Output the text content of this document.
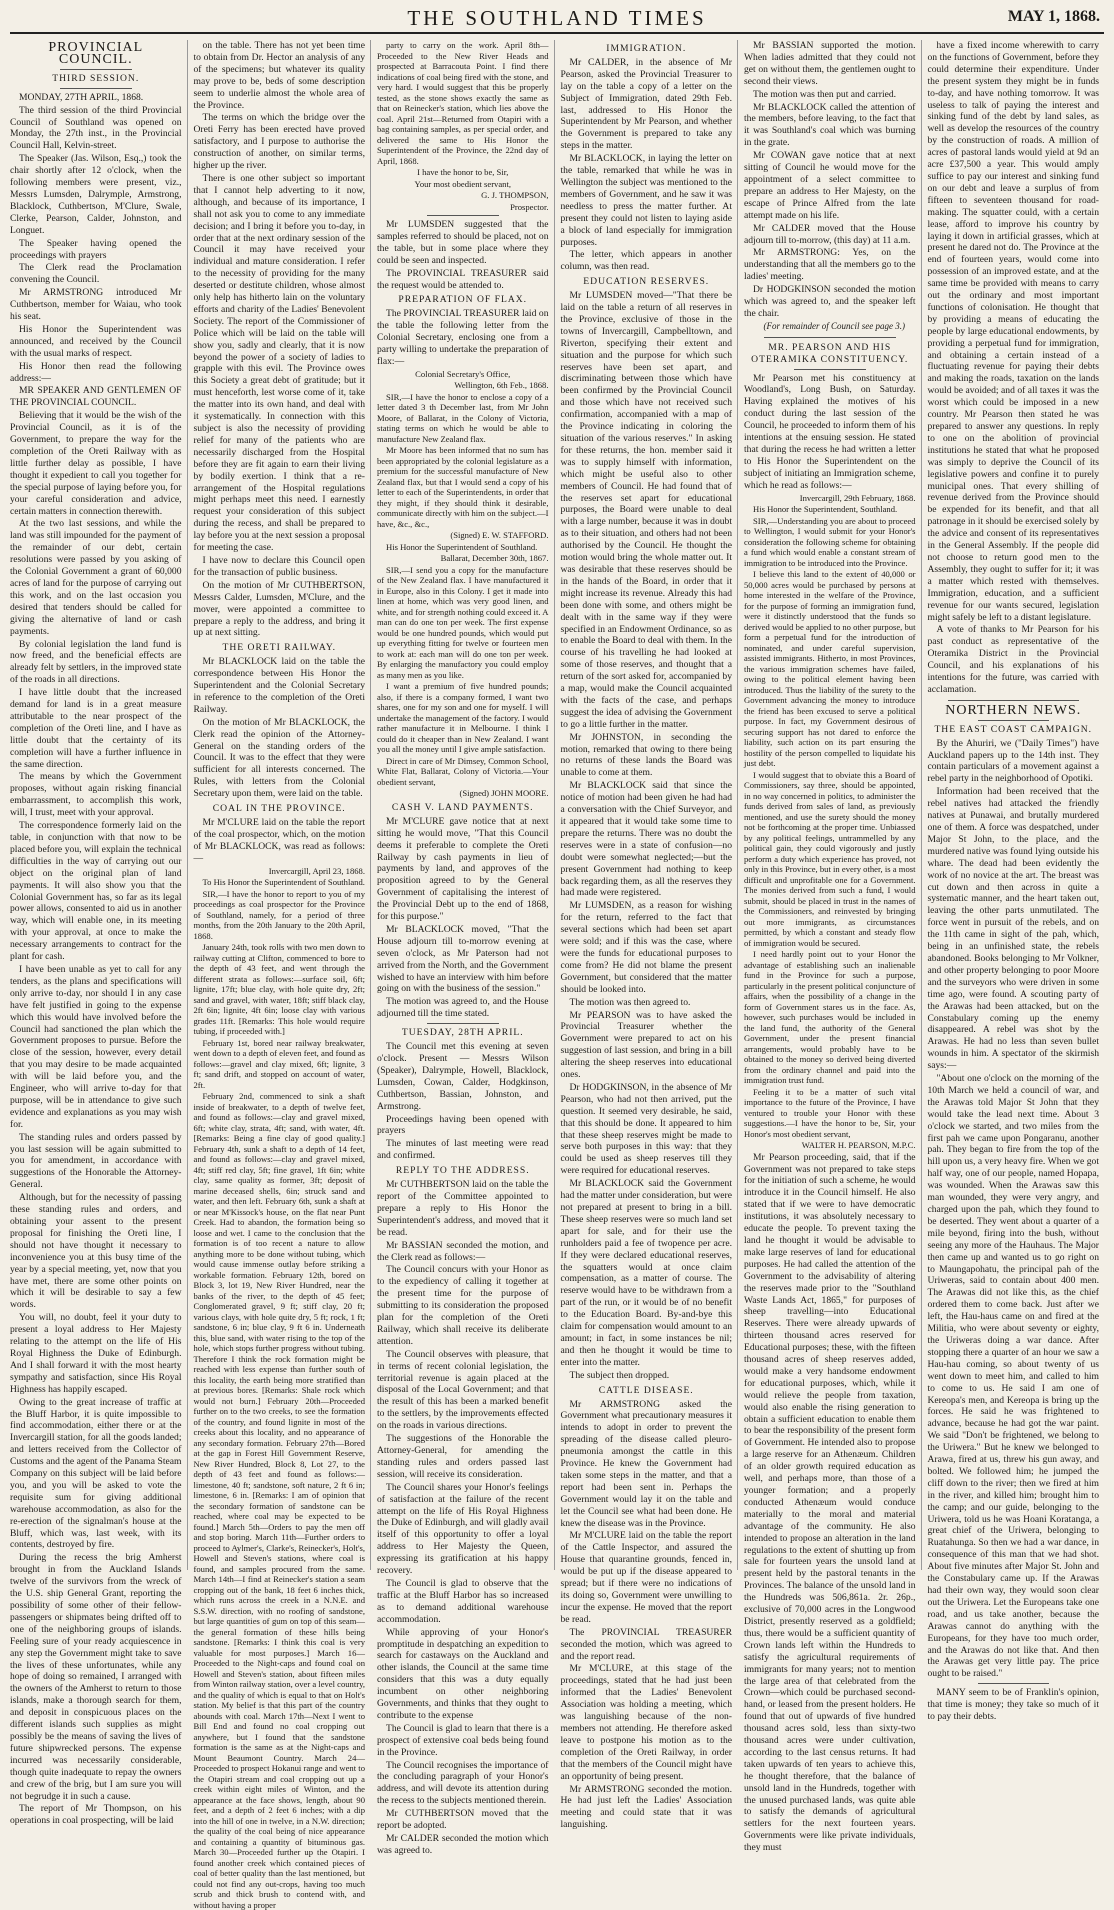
THE SOUTHLAND TIMES	MAY 1, 1868.
PROVINCIAL COUNCIL.
THIRD SESSION.

MONDAY, 27TH APRIL, 1868.

The third session of the third Provincial Council of Southland was opened on Monday, the 27th inst., in the Provincial Council Hall, Kelvin-street.

The Speaker (Jas. Wilson, Esq.,) took the chair shortly after 12 o'clock, when the following members were present, viz., Messrs Lumsden, Dalrymple, Armstrong, Blacklock, Cuthbertson, M'Clure, Swale, Clerke, Pearson, Calder, Johnston, and Longuet.

The Speaker having opened the proceedings with prayers

The Clerk read the Proclamation convening the Council.

Mr ARMSTRONG introduced Mr Cuthbertson, member for Waiau, who took his seat.

His Honor the Superintendent was announced, and received by the Council with the usual marks of respect.

His Honor then read the following address:—

MR SPEAKER AND GENTLEMEN OF THE PROVINCIAL COUNCIL.

Believing that it would be the wish of the Provincial Council, as it is of the Government, to prepare the way for the completion of the Oreti Railway with as little further delay as possible, I have thought it expedient to call you together for the special purpose of laying before you, for your careful consideration and advice, certain matters in connection therewith.

At the two last sessions, and while the land was still impounded for the payment of the remainder of our debt, certain resolutions were passed by you asking of the Colonial Government a grant of 60,000 acres of land for the purpose of carrying out this work, and on the last occasion you desired that tenders should be called for giving the alternative of land or cash payments.

By colonial legislation the land fund is now freed, and the beneficial effects are already felt by settlers, in the improved state of the roads in all directions.

I have little doubt that the increased demand for land is in a great measure attributable to the near prospect of the completion of the Oreti line, and I have as little doubt that the certainty of its completion will have a further influence in the same direction.

The means by which the Government proposes, without again risking financial embarrassment, to accomplish this work, will, I trust, meet with your approval.

The correspondence formerly laid on the table, in conjunction with that now to be placed before you, will explain the technical difficulties in the way of carrying out our object on the original plan of land payments. It will also show you that the Colonial Government has, so far as its legal power allows, consented to aid us in another way, which will enable one, in its meeting with your approval, at once to make the necessary arrangements to contract for the plant for cash.

I have been unable as yet to call for any tenders, as the plans and specifications will only arrive to-day, nor should I in any case have felt justified in going to the expense which this would have involved before the Council had sanctioned the plan which the Government proposes to pursue. Before the close of the session, however, every detail that you may desire to be made acquainted with will be laid before you, and the Engineer, who will arrive to-day for that purpose, will be in attendance to give such evidence and explanations as you may wish for.

The standing rules and orders passed by you last session will be again submitted to you for amendment, in accordance with suggestions of the Honorable the Attorney-General.

Although, but for the necessity of passing these standing rules and orders, and obtaining your assent to the present proposal for finishing the Oreti line, I should not have thought it necessary to inconvenience you at this busy time of the year by a special meeting, yet, now that you have met, there are some other points on which it will be desirable to say a few words.

You will, no doubt, feel it your duty to present a loyal address to Her Majesty relating to the attempt on the life of His Royal Highness the Duke of Edinburgh. And I shall forward it with the most hearty sympathy and satisfaction, since His Royal Highness has happily escaped.

Owing to the great increase of traffic at the Bluff Harbor, it is quite impossible to find accommodation, either there or at the Invercargill station, for all the goods landed; and letters received from the Collector of Customs and the agent of the Panama Steam Company on this subject will be laid before you, and you will be asked to vote the requisite sum for giving additional warehouse accommodation, as also for the re-erection of the signalman's house at the Bluff, which was, last week, with its contents, destroyed by fire.

During the recess the brig Amherst brought in from the Auckland Islands twelve of the survivors from the wreck of the U.S. ship General Grant, reporting the possibility of some other of their fellow-passengers or shipmates being drifted off to one of the neighboring groups of islands. Feeling sure of your ready acquiescence in any step the Government might take to save the lives of these unfortunates, while any hope of doing so remained, I arranged with the owners of the Amherst to return to those islands, make a thorough search for them, and deposit in conspicuous places on the different islands such supplies as might possibly be the means of saving the lives of future shipwrecked persons. The expense incurred was necessarily considerable, though quite inadequate to repay the owners and crew of the brig, but I am sure you will not begrudge it in such a cause.

The report of Mr Thompson, on his operations in coal prospecting, will be laid

on the table. There has not yet been time to obtain from Dr. Hector an analysis of any of the specimens; but whatever its quality may prove to be, beds of some description seem to underlie almost the whole area of the Province.

The terms on which the bridge over the Oreti Ferry has been erected have proved satisfactory, and I purpose to authorise the construction of another, on similar terms, higher up the river.

There is one other subject so important that I cannot help adverting to it now, although, and because of its importance, I shall not ask you to come to any immediate decision; and I bring it before you to-day, in order that at the next ordinary session of the Council it may have received your individual and mature consideration. I refer to the necessity of providing for the many deserted or destitute children, whose almost only help has hitherto lain on the voluntary efforts and charity of the Ladies' Benevolent Society. The report of the Commissioner of Police which will be laid on the table will show you, sadly and clearly, that it is now beyond the power of a society of ladies to grapple with this evil. The Province owes this Society a great debt of gratitude; but it must henceforth, lest worse come of it, take the matter into its own hand, and deal with it systematically. In connection with this subject is also the necessity of providing relief for many of the patients who are necessarily discharged from the Hospital before they are fit again to earn their living by bodily exertion. I think that a re-arrangement of the Hospital regulations might perhaps meet this need. I earnestly request your consideration of this subject during the recess, and shall be prepared to lay before you at the next session a proposal for meeting the case.

I have now to declare this Council open for the transaction of public business.

On the motion of Mr CUTHBERTSON, Messrs Calder, Lumsden, M'Clure, and the mover, were appointed a committee to prepare a reply to the address, and bring it up at next sitting.

THE ORETI RAILWAY.

Mr BLACKLOCK laid on the table the correspondence between His Honor the Superintendent and the Colonial Secretary in reference to the completion of the Oreti Railway.

On the motion of Mr BLACKLOCK, the Clerk read the opinion of the Attorney-General on the standing orders of the Council. It was to the effect that they were sufficient for all interests concerned. The Rules, with letters from the Colonial Secretary upon them, were laid on the table.

COAL IN THE PROVINCE.

Mr M'CLURE laid on the table the report of the coal prospector, which, on the motion of Mr BLACKLOCK, was read as follows:—

Invercargill, April 23, 1868.

To His Honor the Superintendent of Southland.

SIR,—I have the honor to report to you of my proceedings as coal prospector for the Province of Southland, namely, for a period of three months, from the 20th January to the 20th April, 1868.

January 24th, took rolls with two men down to railway cutting at Clifton, commenced to bore to the depth of 43 feet, and went through the different strata as follows:—surface soil, 6ft; lignite, 17ft; blue clay, with hole quite dry, 2ft; sand and gravel, with water, 18ft; stiff black clay, 2ft 6in; lignite, 4ft 6in; loose clay with various grades 11ft. [Remarks: This hole would require tubing, if proceeded with.]

February 1st, bored near railway breakwater, went down to a depth of eleven feet, and found as follows:—gravel and clay mixed, 6ft; lignite, 3 ft; sand drift, and stopped on account of water, 2ft.

February 2nd, commenced to sink a shaft inside of breakwater, to a depth of twelve feet, and found as follows:—clay and gravel mixed, 6ft; white clay, strata, 4ft; sand, with water, 4ft. [Remarks: Being a fine clay of good quality.] February 4th, sunk a shaft to a depth of 14 feet, and found as follows:—clay and gravel mixed, 4ft; stiff red clay, 5ft; fine gravel, 1ft 6in; white clay, same quality as former, 3ft; deposit of marine deceased shells, 6in; struck sand and water, and then left. February 6th, sunk a shaft at or near M'Kissock's house, on the flat near Punt Creek. Had to abandon, the formation being so loose and wet. I came to the conclusion that the formation is of too recent a nature to allow anything more to be done without tubing, which would cause immense outlay before striking a workable formation. February 12th, bored on Block 3, lot 19, New River Hundred, near the banks of the river, to the depth of 45 feet; Conglomerated gravel, 9 ft; stiff clay, 20 ft; various clays, with hole quite dry, 5 ft; rock, 1 ft; sandstone, 6 in; blue clay, 9 ft 6 in. Underneath this, blue sand, with water rising to the top of the hole, which stops further progress without tubing. Therefore I think the rock formation might be reached with less expense than further south of this locality, the earth being more stratified than at previous bores. [Remarks: Shale rock which would not burn.] February 20th—Proceeded further on to the two creeks, to see the formation of the country, and found lignite in most of the creeks about this locality, and no appearance of any secondary formation. February 27th—Bored at the gap in Forest Hill Government Reserve, New River Hundred, Block 8, Lot 27, to the depth of 43 feet and found as follows:—limestone, 40 ft; sandstone, soft nature, 2 ft 6 in; limestone, 6 in. [Remarks: I am of opinion that the secondary formation of sandstone can be reached, where coal may be expected to be found.] March 5th—Orders to pay the men off and stop boring. March 11th—Further orders to proceed to Aylmer's, Clarke's, Reinecker's, Holt's, Howell and Steven's stations, where coal is found, and samples procured from the same. March 14th—I find at Reinecker's station a seam cropping out of the bank, 18 feet 6 inches thick, which runs across the creek in a N.N.E. and S.S.W. direction, with no roofing of sandstone, but large quantities of gum on top of this seam—the general formation of these hills being sandstone. [Remarks: I think this coal is very valuable for most purposes.] March 16—Proceeded to the Night-caps and found coal on Howell and Steven's station, about fifteen miles from Winton railway station, over a level country, and the quality of which is equal to that on Holt's station. My belief is that this part of the country abounds with coal. March 17th—Next I went to Bill End and found no coal cropping out anywhere, but I found that the sandstone formation is the same as at the Night-caps and Mount Beaumont Country. March 24—Proceeded to prospect Hokanui range and went to the Otapiri stream and coal cropping out up a creek within eight miles of Winton, and the appearance at the face shows, length, about 90 feet, and a depth of 2 feet 6 inches; with a dip into the hill of one in twelve, in a N.W. direction; the quality of the coal being of nice appearance and containing a quantity of bituminous gas. March 30—Proceeded further up the Otapiri. I found another creek which contained pieces of coal of better quality than the last mentioned, but could not find any out-crops, having too much scrub and thick brush to contend with, and without having a proper

party to carry on the work. April 8th—Proceeded to the New River Heads and prospected at Barracouta Point. I find there indications of coal being fired with the stone, and very hard. I would suggest that this be properly tested, as the stone shows exactly the same as that on Reinecker's station, which lies above the coal. April 21st—Returned from Otapiri with a bag containing samples, as per special order, and delivered the same to His Honor the Superintendent of the Province, the 22nd day of April, 1868.

I have the honor to be, Sir,

Your most obedient servant,

G. J. THOMPSON,

Prospector.

Mr LUMSDEN suggested that the samples referred to should be placed, not on the table, but in some place where they could be seen and inspected.

The PROVINCIAL TREASURER said the request would be attended to.

PREPARATION OF FLAX.

The PROVINCIAL TREASURER laid on the table the following letter from the Colonial Secretary, enclosing one from a party willing to undertake the preparation of flax:—

Colonial Secretary's Office,

Wellington, 6th Feb., 1868.

SIR,—I have the honor to enclose a copy of a letter dated 3 th December last, from Mr John Moore, of Ballarat, in the Colony of Victoria, stating terms on which he would be able to manufacture New Zealand flax.

Mr Moore has been informed that no sum has been appropriated by the colonial legislature as a premium for the successful manufacture of New Zealand flax, but that I would send a copy of his letter to each of the Superintendents, in order that they might, if they should think it desirable, communicate directly with him on the subject.—I have, &c., &c.,

(Signed) E. W. STAFFORD.

His Honor the Superintendent of Southland.

Ballarat, December 30th, 1867.

SIR,—I send you a copy for the manufacture of the New Zealand flax. I have manufactured it in Europe, also in this Colony. I get it made into linen at home, which was very good linen, and white, and for strength nothing could exceed it. A man can do one ton per week. The first expense would be one hundred pounds, which would put up everything fitting for twelve or fourteen men to work at: each man will do one ton per week. By enlarging the manufactory you could employ as many men as you like.

I want a premium of five hundred pounds; also, if there is a company formed, I want two shares, one for my son and one for myself. I will undertake the management of the factory. I would rather manufacture it in Melbourne. I think I could do it cheaper than in New Zealand. I want you all the money until I give ample satisfaction.

Direct in care of Mr Dimsey, Common School, White Flat, Ballarat, Colony of Victoria.—Your obedient servant,

(Signed) JOHN MOORE.

CASH V. LAND PAYMENTS.

Mr M'CLURE gave notice that at next sitting he would move, "That this Council deems it preferable to complete the Oreti Railway by cash payments in lieu of payments by land, and approves of the proposition agreed to by the General Government of capitalising the interest of the Provincial Debt up to the end of 1868, for this purpose."

Mr BLACKLOCK moved, "That the House adjourn till to-morrow evening at seven o'clock, as Mr Paterson had not arrived from the North, and the Government wished to have an interview with him before going on with the business of the session."

The motion was agreed to, and the House adjourned till the time stated.

TUESDAY, 28TH APRIL.

The Council met this evening at seven o'clock. Present — Messrs Wilson (Speaker), Dalrymple, Howell, Blacklock, Lumsden, Cowan, Calder, Hodgkinson, Cuthbertson, Bassian, Johnston, and Armstrong.

Proceedings having been opened with prayers

The minutes of last meeting were read and confirmed.

REPLY TO THE ADDRESS.

Mr CUTHBERTSON laid on the table the report of the Committee appointed to prepare a reply to His Honor the Superintendent's address, and moved that it be read.

Mr BASSIAN seconded the motion, and the Clerk read as follows:—

The Council concurs with your Honor as to the expediency of calling it together at the present time for the purpose of submitting to its consideration the proposed plan for the completion of the Oreti Railway, which shall receive its deliberate attention.

The Council observes with pleasure, that in terms of recent colonial legislation, the territorial revenue is again placed at the disposal of the Local Government; and that the result of this has been a marked benefit to the settlers, by the improvements effected on the roads in various directions.

The suggestions of the Honorable the Attorney-General, for amending the standing rules and orders passed last session, will receive its consideration.

The Council shares your Honor's feelings of satisfaction at the failure of the recent attempt on the life of His Royal Highness the Duke of Edinburgh, and will gladly avail itself of this opportunity to offer a loyal address to Her Majesty the Queen, expressing its gratification at his happy recovery.

The Council is glad to observe that the traffic at the Bluff Harbor has so increased as to demand additional warehouse accommodation.

While approving of your Honor's promptitude in despatching an expedition to search for castaways on the Auckland and other islands, the Council at the same time considers that this was a duty equally incumbent on other neighboring Governments, and thinks that they ought to contribute to the expense

The Council is glad to learn that there is a prospect of extensive coal beds being found in the Province.

The Council recognises the importance of the concluding paragraph of your Honor's address, and will devote its attention during the recess to the subjects mentioned therein.

Mr CUTHBERTSON moved that the report be adopted.

Mr CALDER seconded the motion which was agreed to.

IMMIGRATION.

Mr CALDER, in the absence of Mr Pearson, asked the Provincial Treasurer to lay on the table a copy of a letter on the Subject of Immigration, dated 29th Feb. last, addressed to His Honor the Superintendent by Mr Pearson, and whether the Government is prepared to take any steps in the matter.

Mr BLACKLOCK, in laying the letter on the table, remarked that while he was in Wellington the subject was mentioned to the members of Government, and he saw it was needless to press the matter further. At present they could not listen to laying aside a block of land especially for immigration purposes.

The letter, which appears in another column, was then read.

EDUCATION RESERVES.

Mr LUMSDEN moved—"That there be laid on the table a return of all reserves in the Province, exclusive of those in the towns of Invercargill, Campbelltown, and Riverton, specifying their extent and situation and the purpose for which such reserves have been set apart, and discriminating between those which have been confirmed by the Provincial Council and those which have not received such confirmation, accompanied with a map of the Province indicating in coloring the situation of the various reserves." In asking for these returns, the hon. member said it was to supply himself with information, which might be useful also to other members of Council. He had found that of the reserves set apart for educational purposes, the Board were unable to deal with a large number, because it was in doubt as to their situation, and others had not been authorised by the Council. He thought the motion would bring the whole matter out. It was desirable that these reserves should be in the hands of the Board, in order that it might increase its revenue. Already this had been done with some, and others might be dealt with in the same way if they were specified in an Endowment Ordinance, so as to enable the Board to deal with them. In the course of his travelling he had looked at some of those reserves, and thought that a return of the sort asked for, accompanied by a map, would make the Council acquainted with the facts of the case, and perhaps suggest the idea of advising the Government to go a little further in the matter.

Mr JOHNSTON, in seconding the motion, remarked that owing to there being no returns of these lands the Board was unable to come at them.

Mr BLACKLOCK said that since the notice of motion had been given he had had a conversation with the Chief Surveyor, and it appeared that it would take some time to prepare the returns. There was no doubt the reserves were in a state of confusion—no doubt were somewhat neglected;—but the present Government had nothing to keep back regarding them, as all the reserves they had made were registered.

Mr LUMSDEN, as a reason for wishing for the return, referred to the fact that several sections which had been set apart were sold; and if this was the case, where were the funds for educational purposes to come from? He did not blame the present Government, but considered that the matter should be looked into.

The motion was then agreed to.

Mr PEARSON was to have asked the Provincial Treasurer whether the Government were prepared to act on his suggestion of last session, and bring in a bill altering the sheep reserves into educational ones.

Dr HODGKINSON, in the absence of Mr Pearson, who had not then arrived, put the question. It seemed very desirable, he said, that this should be done. It appeared to him that these sheep reserves might be made to serve both purposes in this way: that they could be used as sheep reserves till they were required for educational reserves.

Mr BLACKLOCK said the Government had the matter under consideration, but were not prepared at present to bring in a bill. These sheep reserves were so much land set apart for sale, and for their use the runholders paid a fee of twopence per acre. If they were declared educational reserves, the squatters would at once claim compensation, as a matter of course. The reserve would have to be withdrawn from a part of the run, or it would be of no benefit to the Education Board. By-and-bye this claim for compensation would amount to an amount; in fact, in some instances be nil; and then he thought it would be time to enter into the matter.

The subject then dropped.

CATTLE DISEASE.

Mr ARMSTRONG asked the Government what precautionary measures it intends to adopt in order to prevent the spreading of the disease called pleuro-pneumonia amongst the cattle in this Province. He knew the Government had taken some steps in the matter, and that a report had been sent in. Perhaps the Government would lay it on the table and let the Council see what had been done. He knew the disease was in the Province.

Mr M'CLURE laid on the table the report of the Cattle Inspector, and assured the House that quarantine grounds, fenced in, would be put up if the disease appeared to spread; but if there were no indications of its doing so, Government were unwilling to incur the expense. He moved that the report be read.

The PROVINCIAL TREASURER seconded the motion, which was agreed to and the report read.

Mr M'CLURE, at this stage of the proceedings, stated that he had just been informed that the Ladies' Benevolent Association was holding a meeting, which was languishing because of the non-members not attending. He therefore asked leave to postpone his motion as to the completion of the Oreti Railway, in order that the members of the Council might have an opportunity of being present.

Mr ARMSTRONG seconded the motion. He had just left the Ladies' Association meeting and could state that it was languishing.

Mr BASSIAN supported the motion. When ladies admitted that they could not get on without them, the gentlemen ought to second their views.

The motion was then put and carried.

Mr BLACKLOCK called the attention of the members, before leaving, to the fact that it was Southland's coal which was burning in the grate.

Mr COWAN gave notice that at next sitting of Council he would move for the appointment of a select committee to prepare an address to Her Majesty, on the escape of Prince Alfred from the late attempt made on his life.

Mr CALDER moved that the House adjourn till to-morrow, (this day) at 11 a.m.

Mr ARMSTRONG: Yes, on the understanding that all the members go to the ladies' meeting.

Dr HODGKINSON seconded the motion which was agreed to, and the speaker left the chair.

(For remainder of Council see page 3.)

MR. PEARSON AND HIS OTERAMIKA CONSTITUENCY.

Mr Pearson met his constituency at Woodland's, Long Bush, on Saturday. Having explained the motives of his conduct during the last session of the Council, he proceeded to inform them of his intentions at the ensuing session. He stated that during the recess he had written a letter to His Honor the Superintendent on the subject of initiating an Immigration scheme, which he read as follows:—

Invercargill, 29th February, 1868.

His Honor the Superintendent, Southland.

SIR,—Understanding you are about to proceed to Wellington, I would submit for your Honor's consideration the following scheme for obtaining a fund which would enable a constant stream of immigration to be introduced into the Province.

I believe this land to the extent of 40,000 or 50,000 acres would be purchased by persons at home interested in the welfare of the Province, for the purpose of forming an immigration fund, were it distinctly understood that the funds so derived would be applied to no other purpose, but form a perpetual fund for the introduction of nominated, and under careful supervision, assisted immigrants. Hitherto, in most Provinces, the various immigration schemes have failed, owing to the political element having been introduced. Thus the liability of the surety to the Government advancing the money to introduce the friend has been excused to serve a political purpose. In fact, my Government desirous of securing support has not dared to enforce the liability, such action on its part ensuring the hostility of the person compelled to liquidate his just debt.

I would suggest that to obviate this a Board of Commissioners, say three, should be appointed, in no way concerned in politics, to administer the funds derived from sales of land, as previously mentioned, and use the surety should the money not be forthcoming at the proper time. Unbiassed by any political feelings, untrammelled by any political gain, they could vigorously and justly perform a duty which experience has proved, not only in this Province, but in every other, is a most difficult and unprofitable one for a Government. The monies derived from such a fund, I would submit, should be placed in trust in the names of the Commissioners, and reinvested by bringing out more immigrants, as circumstances permitted, by which a constant and steady flow of immigration would be secured.

I need hardly point out to your Honor the advantage of establishing such an inalienable fund in the Province for such a purpose, particularly in the present political conjuncture of affairs, when the possibility of a change in the form of Government stares us in the face. As, however, such purchases would be included in the land fund, the authority of the General Government, under the present financial arrangements, would probably have to be obtained to the money so derived being diverted from the ordinary channel and paid into the immigration trust fund.

Feeling it to be a matter of such vital importance to the future of the Province, I have ventured to trouble your Honor with these suggestions.—I have the honor to be, Sir, your Honor's most obedient servant,

WALTER H. PEARSON, M.P.C.

Mr Pearson proceeding, said, that if the Government was not prepared to take steps for the initiation of such a scheme, he would introduce it in the Council himself. He also stated that if we were to have democratic institutions, it was absolutely necessary to educate the people. To prevent taxing the land he thought it would be advisable to make large reserves of land for educational purposes. He had called the attention of the Government to the advisability of altering the reserves made prior to the "Southland Waste Lands Act, 1865," for purposes of sheep travelling—into Educational Reserves. There were already upwards of thirteen thousand acres reserved for Educational purposes; these, with the fifteen thousand acres of sheep reserves added, would make a very handsome endowment for educational purposes, which, while it would relieve the people from taxation, would also enable the rising generation to obtain a sufficient education to enable them to bear the responsibility of the present form of Government. He intended also to propose a large reserve for an Athenæum. Children of an older growth required education as well, and perhaps more, than those of a younger formation; and a properly conducted Athenæum would conduce materially to the moral and material advantage of the community. He also intended to propose an alteration in the land regulations to the extent of shutting up from sale for fourteen years the unsold land at present held by the pastoral tenants in the Provinces. The balance of the unsold land in the Hundreds was 506,861a. 2r. 26p., exclusive of 70,000 acres in the Longwood District, presently reserved as a goldfield; thus, there would be a sufficient quantity of Crown lands left within the Hundreds to satisfy the agricultural requirements of immigrants for many years; not to mention the large area of that celebrated from the Crown—which could be purchased second-hand, or leased from the present holders. He found that out of upwards of five hundred thousand acres sold, less than sixty-two thousand acres were under cultivation, according to the last census returns. It had taken upwards of ten years to achieve this, he thought therefore, that the balance of unsold land in the Hundreds, together with the unused purchased lands, was quite able to satisfy the demands of agricultural settlers for the next fourteen years. Governments were like private individuals, they must

have a fixed income wherewith to carry on the functions of Government, before they could determine their expenditure. Under the present system they might be in funds to-day, and have nothing tomorrow. It was useless to talk of paying the interest and sinking fund of the debt by land sales, as well as develop the resources of the country by the construction of roads. A million of acres of pastoral lands would yield at 9d an acre £37,500 a year. This would amply suffice to pay our interest and sinking fund on our debt and leave a surplus of from fifteen to seventeen thousand for road-making. The squatter could, with a certain lease, afford to improve his country by laying it down in artificial grasses, which at present he dared not do. The Province at the end of fourteen years, would come into possession of an improved estate, and at the same time be provided with means to carry out the ordinary and most important functions of colonisation. He thought that by providing a means of educating the people by large educational endowments, by providing a perpetual fund for immigration, and obtaining a certain instead of a fluctuating revenue for paying their debts and making the roads, taxation on the lands would be avoided; and of all taxes it was the worst which could be imposed in a new country. Mr Pearson then stated he was prepared to answer any questions. In reply to one on the abolition of provincial institutions he stated that what he proposed was simply to deprive the Council of its legislative powers and confine it to purely municipal ones. That every shilling of revenue derived from the Province should be expended for its benefit, and that all patronage in it should be exercised solely by the advice and consent of its representatives in the General Assembly. If the people did not choose to return good men to the Assembly, they ought to suffer for it; it was a matter which rested with themselves. Immigration, education, and a sufficient revenue for our wants secured, legislation might safely be left to a distant legislature.

A vote of thanks to Mr Pearson for his past conduct as representative of the Oteramika District in the Provincial Council, and his explanations of his intentions for the future, was carried with acclamation.

NORTHERN NEWS.
THE EAST COAST CAMPAIGN.

By the Ahuriri, we ("Daily Times") have Auckland papers up to the 14th inst. They contain particulars of a movement against a rebel party in the neighborhood of Opotiki.

Information had been received that the rebel natives had attacked the friendly natives at Punawai, and brutally murdered one of them. A force was despatched, under Major St John, to the place, and the murdered native was found lying outside his whare. The dead had been evidently the work of no novice at the art. The breast was cut down and then across in quite a systematic manner, and the heart taken out, leaving the other parts unmutilated. The force went in pursuit of the rebels, and on the 11th came in sight of the pah, which, being in an unfinished state, the rebels abandoned. Books belonging to Mr Volkner, and other property belonging to poor Moore and the surveyors who were driven in some time ago, were found. A scouting party of the Arawas had been attacked, but on the Constabulary coming up the enemy disappeared. A rebel was shot by the Arawas. He had no less than seven bullet wounds in him. A spectator of the skirmish says:—

"About one o'clock on the morning of the 10th March we held a council of war, and the Arawas told Major St John that they would take the lead next time. About 3 o'clock we started, and two miles from the first pah we came upon Pongaranu, another pah. They began to fire from the top of the hill upon us, a very heavy fire. When we got half way, one of our people, named Hopapa, was wounded. When the Arawas saw this man wounded, they were very angry, and charged upon the pah, which they found to be deserted. They went about a quarter of a mile beyond, firing into the bush, without seeing any more of the Hauhaus. The Major then came up and wanted us to go right on to Maungapohatu, the principal pah of the Uriweras, said to contain about 400 men. The Arawas did not like this, as the chief ordered them to come back. Just after we left, the Hau-haus came on and fired at the Militia, who were about seventy or eighty, the Uriweras doing a war dance. After stopping there a quarter of an hour we saw a Hau-hau coming, so about twenty of us went down to meet him, and called to him to come to us. He said I am one of Kereopa's men, and Kereopa is bring up the forces. He said he was frightened to advance, because he had got the war paint. We said "Don't be frightened, we belong to the Uriwera." But he knew we belonged to Arawa, fired at us, threw his gun away, and bolted. We followed him; he jumped the cliff down to the river; then we fired at him in the river, and killed him; brought him to the camp; and our guide, belonging to the Uriwera, told us he was Hoani Koratanga, a great chief of the Uriwera, belonging to Ruatahunga. So then we had a war dance, in consequence of this man that we had shot. About five minutes after Major St. John and the Constabulary came up. If the Arawas had their own way, they would soon clear out the Uriwera. Let the Europeans take one road, and us take another, because the Arawas cannot do anything with the Europeans, for they have too much order, and the Arawas do not like that. And then the Arawas get very little pay. The price ought to be raised."

MANY seem to be of Franklin's opinion, that time is money; they take so much of it to pay their debts.
